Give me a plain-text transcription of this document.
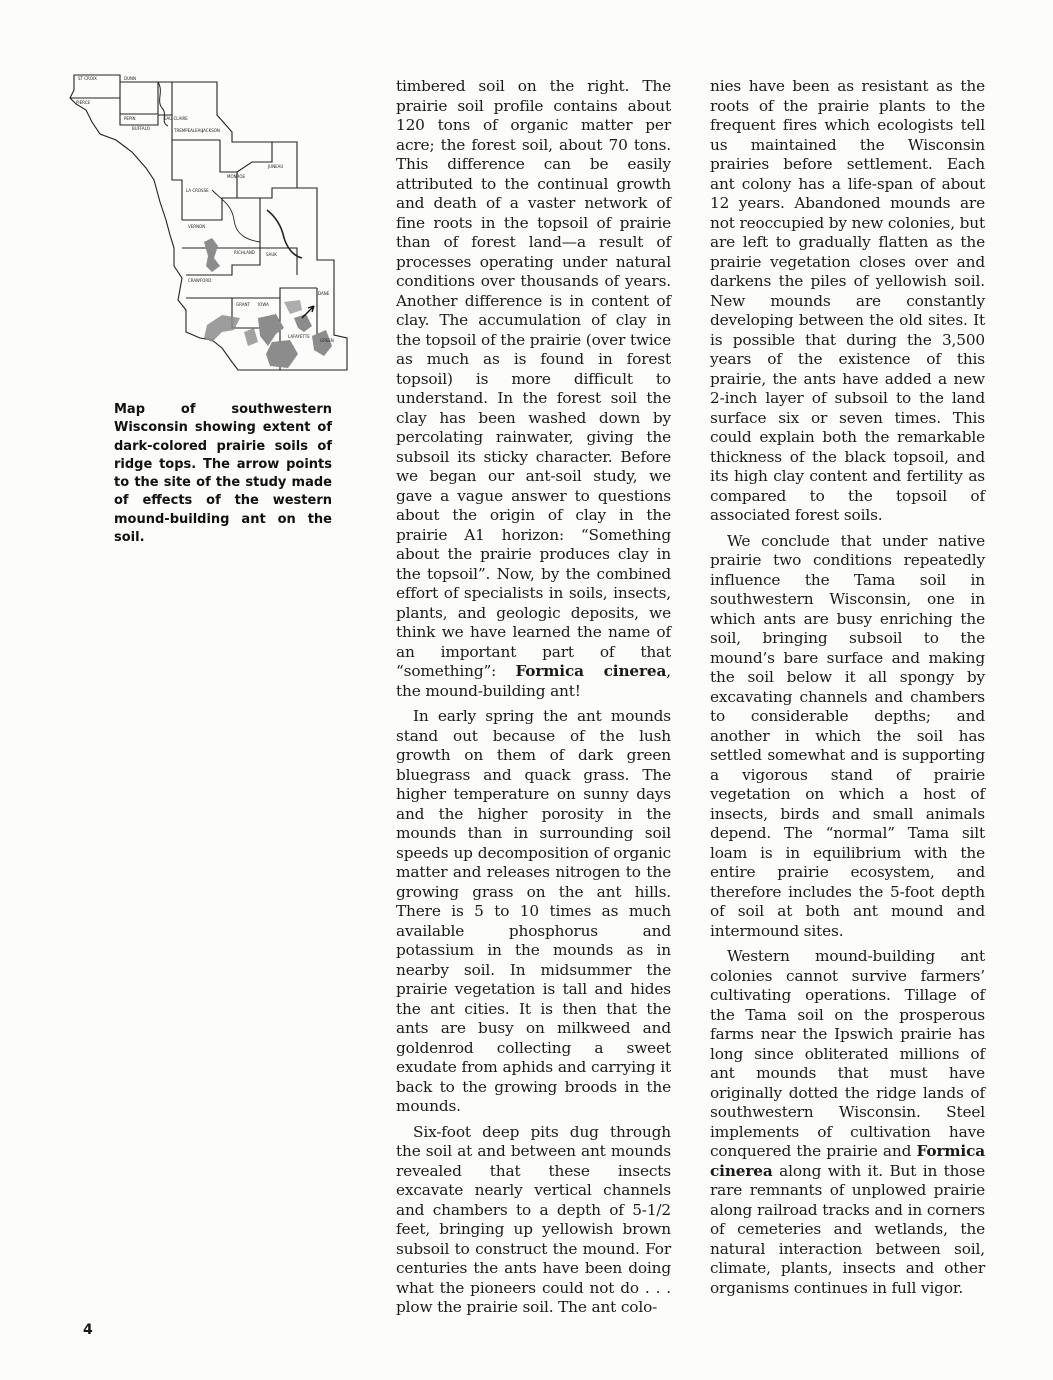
ST CROIX	DUNN
PIERCE
EAU CLAIRE
PEPIN
BUFFALO	TREMPEALEAU
JACKSON
JUNEAU
MONROE
LA CROSSE
VERNON
SAUK
RICHLAND
CRAWFORD
DANE
GRANT IOWA
LAFAYETTE
GREEN
Map of southwestern Wisconsin showing extent of dark-colored prairie soils of ridge tops. The arrow points to the site of the study made of effects of the western mound-building ant on the soil.

timbered soil on the right. The prairie soil profile contains about 120 tons of organic matter per acre; the forest soil, about 70 tons. This difference can be easily attributed to the continual growth and death of a vaster network of fine roots in the topsoil of prairie than of forest land—a result of processes operating under natural conditions over thousands of years. Another difference is in content of clay. The accumulation of clay in the topsoil of the prairie (over twice as much as is found in forest topsoil) is more difficult to understand. In the forest soil the clay has been washed down by percolating rainwater, giving the subsoil its sticky character. Before we began our ant-soil study, we gave a vague answer to questions about the origin of clay in the prairie A1 horizon: “Something about the prairie produces clay in the topsoil”. Now, by the combined effort of specialists in soils, insects, plants, and geologic deposits, we think we have learned the name of an important part of that “something”: Formica cinerea, the mound-building ant!

In early spring the ant mounds stand out because of the lush growth on them of dark green bluegrass and quack grass. The higher temperature on sunny days and the higher porosity in the mounds than in surrounding soil speeds up decomposition of organic matter and releases nitrogen to the growing grass on the ant hills. There is 5 to 10 times as much available phosphorus and potassium in the mounds as in nearby soil. In midsummer the prairie vegetation is tall and hides the ant cities. It is then that the ants are busy on milkweed and goldenrod collecting a sweet exudate from aphids and carrying it back to the growing broods in the mounds.

Six-foot deep pits dug through the soil at and between ant mounds revealed that these insects excavate nearly vertical channels and chambers to a depth of 5-1/2 feet, bringing up yellowish brown subsoil to construct the mound. For centuries the ants have been doing what the pioneers could not do . . . plow the prairie soil. The ant colo-

nies have been as resistant as the roots of the prairie plants to the frequent fires which ecologists tell us maintained the Wisconsin prairies before settlement. Each ant colony has a life-span of about 12 years. Abandoned mounds are not reoccupied by new colonies, but are left to gradually flatten as the prairie vegetation closes over and darkens the piles of yellowish soil. New mounds are constantly developing between the old sites. It is possible that during the 3,500 years of the existence of this prairie, the ants have added a new 2-inch layer of subsoil to the land surface six or seven times. This could explain both the remarkable thickness of the black topsoil, and its high clay content and fertility as compared to the topsoil of associated forest soils.

We conclude that under native prairie two conditions repeatedly influence the Tama soil in southwestern Wisconsin, one in which ants are busy enriching the soil, bringing subsoil to the mound’s bare surface and making the soil below it all spongy by excavating channels and chambers to considerable depths; and another in which the soil has settled somewhat and is supporting a vigorous stand of prairie vegetation on which a host of insects, birds and small animals depend. The “normal” Tama silt loam is in equilibrium with the entire prairie ecosystem, and therefore includes the 5-foot depth of soil at both ant mound and intermound sites.

Western mound-building ant colonies cannot survive farmers’ cultivating operations. Tillage of the Tama soil on the prosperous farms near the Ipswich prairie has long since obliterated millions of ant mounds that must have originally dotted the ridge lands of southwestern Wisconsin. Steel implements of cultivation have conquered the prairie and Formica cinerea along with it. But in those rare remnants of unplowed prairie along railroad tracks and in corners of cemeteries and wetlands, the natural interaction between soil, climate, plants, insects and other organisms continues in full vigor.

4
